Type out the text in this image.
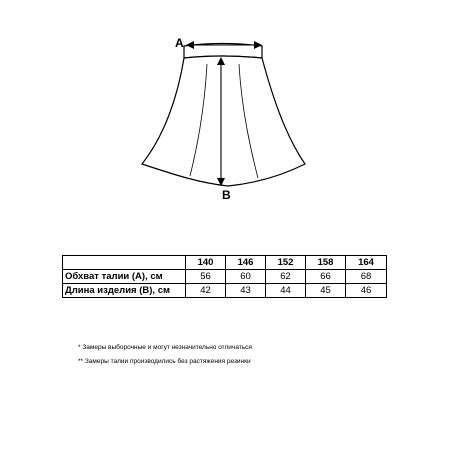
A
B
	140	146	152	158	164
Обхват талии (А), см	56	60	62	66	68
Длина изделия (В), см	42	43	44	45	46
* Замеры выборочные и могут незначительно отличаться
** Замеры талии производились без растяжения резинки
